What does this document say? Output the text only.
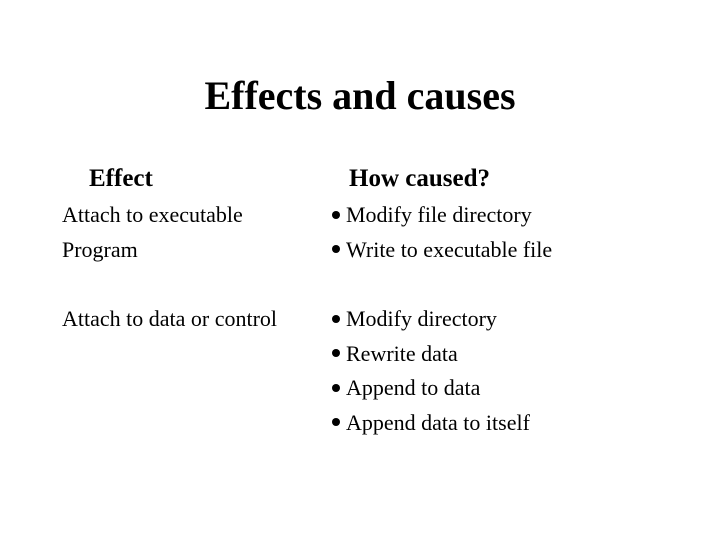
Effects and causes
Effect	How caused?
Attach to executable
Program
Modify file directory
Write to executable file
Attach to data or control	Modify directory
Rewrite data
Append to data
Append data to itself
